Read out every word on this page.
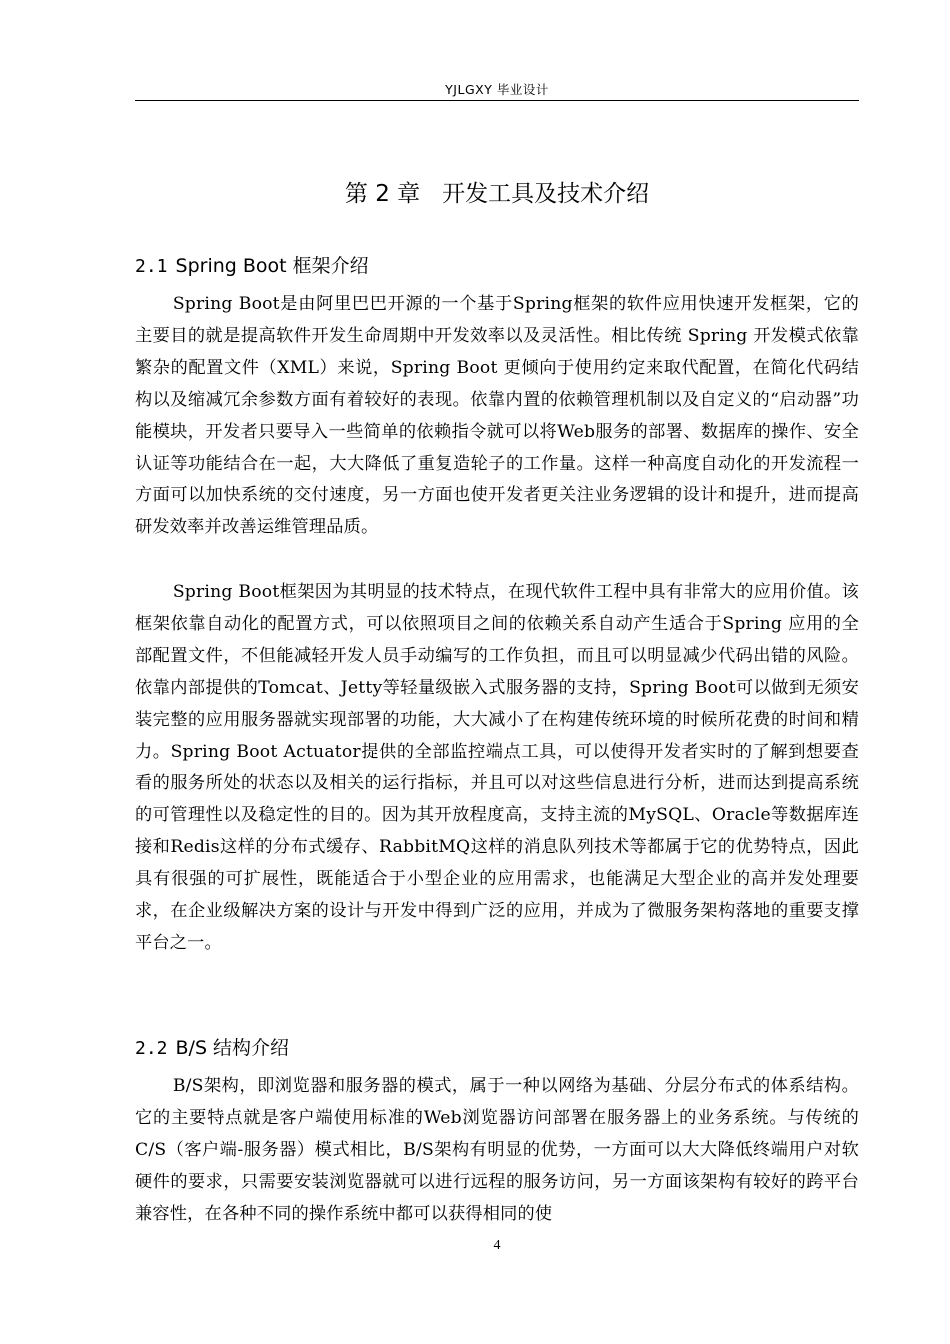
YJLGXY 毕业设计
第 2 章   开发工具及技术介绍
2.1 Spring Boot 框架介绍

Spring Boot是由阿里巴巴开源的一个基于Spring框架的软件应用快速开发框架，它的主要目的就是提高软件开发生命周期中开发效率以及灵活性。相比传统 Spring 开发模式依靠繁杂的配置文件（XML）来说，Spring Boot 更倾向于使用约定来取代配置，在简化代码结构以及缩减冗余参数方面有着较好的表现。依靠内置的依赖管理机制以及自定义的“启动器”功能模块，开发者只要导入一些简单的依赖指令就可以将Web服务的部署、数据库的操作、安全认证等功能结合在一起，大大降低了重复造轮子的工作量。这样一种高度自动化的开发流程一方面可以加快系统的交付速度，另一方面也使开发者更关注业务逻辑的设计和提升，进而提高研发效率并改善运维管理品质。

Spring Boot框架因为其明显的技术特点，在现代软件工程中具有非常大的应用价值。该框架依靠自动化的配置方式，可以依照项目之间的依赖关系自动产生适合于Spring 应用的全部配置文件，不但能减轻开发人员手动编写的工作负担，而且可以明显减少代码出错的风险。依靠内部提供的Tomcat、Jetty等轻量级嵌入式服务器的支持，Spring Boot可以做到无须安装完整的应用服务器就实现部署的功能，大大减小了在构建传统环境的时候所花费的时间和精力。Spring Boot Actuator提供的全部监控端点工具，可以使得开发者实时的了解到想要查看的服务所处的状态以及相关的运行指标，并且可以对这些信息进行分析，进而达到提高系统的可管理性以及稳定性的目的。因为其开放程度高，支持主流的MySQL、Oracle等数据库连接和Redis这样的分布式缓存、RabbitMQ这样的消息队列技术等都属于它的优势特点，因此具有很强的可扩展性，既能适合于小型企业的应用需求，也能满足大型企业的高并发处理要求，在企业级解决方案的设计与开发中得到广泛的应用，并成为了微服务架构落地的重要支撑平台之一。

2.2 B/S 结构介绍

B/S架构，即浏览器和服务器的模式，属于一种以网络为基础、分层分布式的体系结构。它的主要特点就是客户端使用标准的Web浏览器访问部署在服务器上的业务系统。与传统的C/S（客户端-服务器）模式相比，B/S架构有明显的优势，一方面可以大大降低终端用户对软硬件的要求，只需要安装浏览器就可以进行远程的服务访问，另一方面该架构有较好的跨平台兼容性，在各种不同的操作系统中都可以获得相同的使

4
